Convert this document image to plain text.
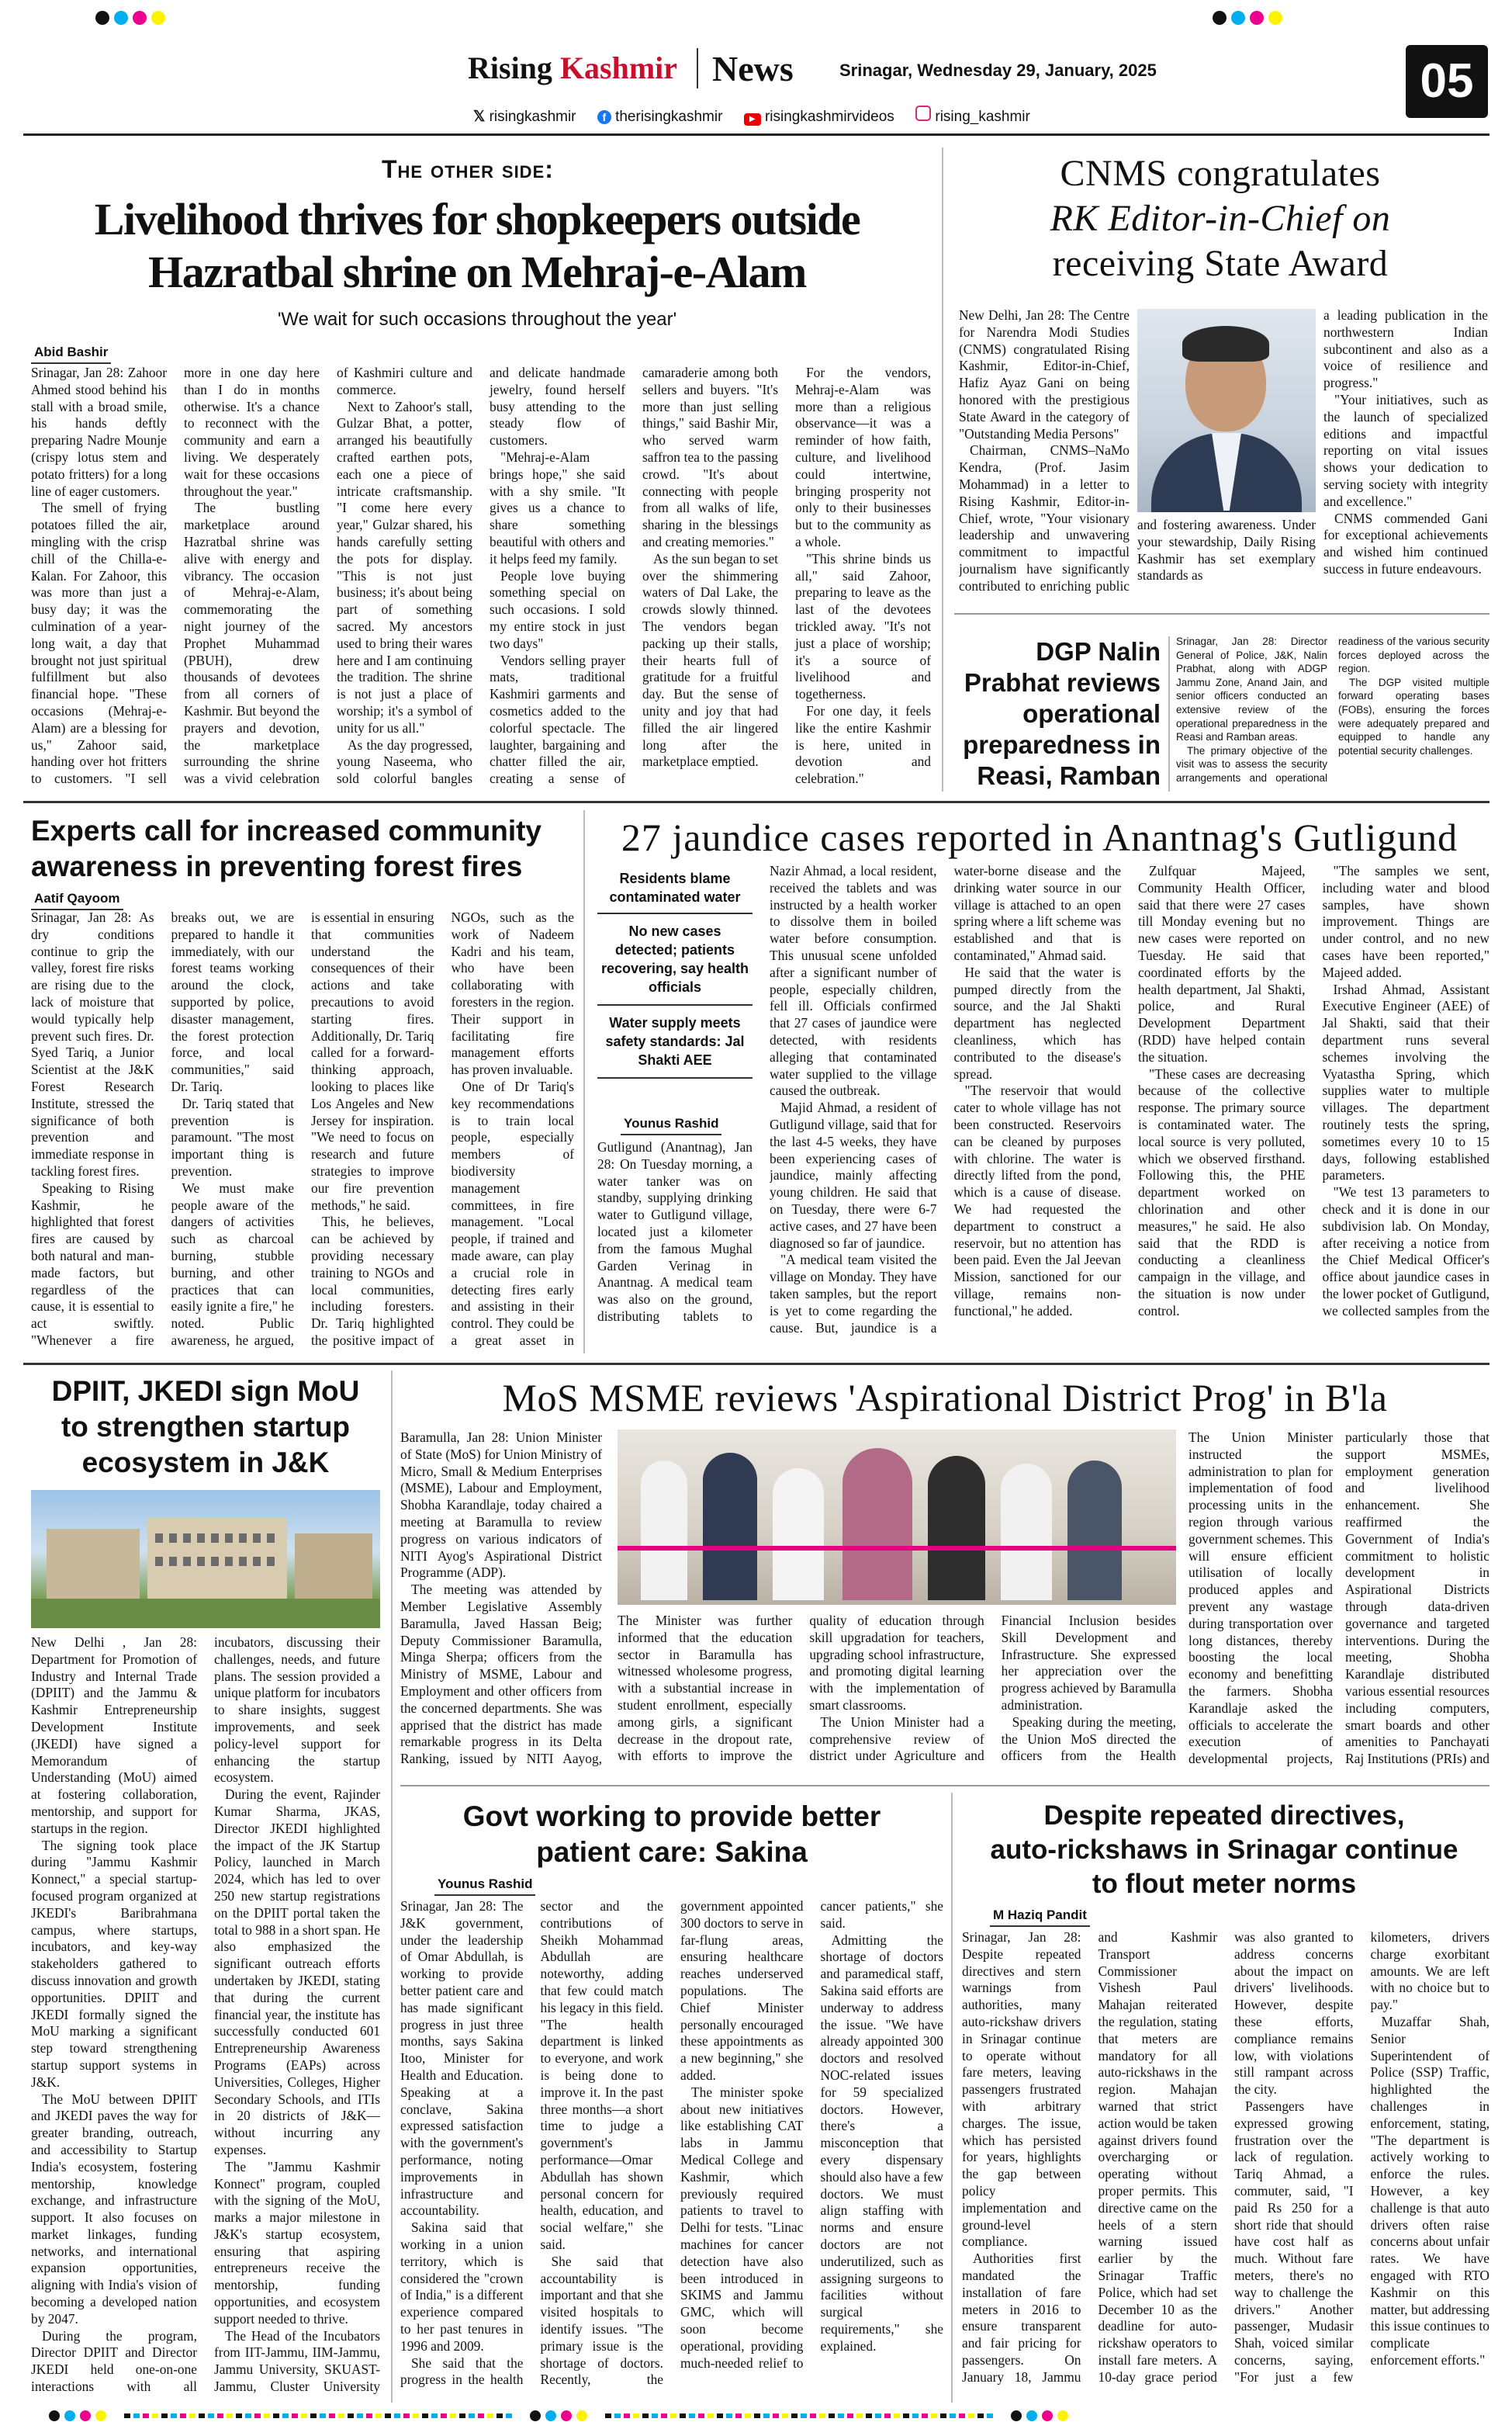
Rising Kashmir News	Srinagar, Wednesday 29, January, 2025	05
𝕏 risingkashmir f therisingkashmir	▶ risingkashmirvideos	rising_kashmir
The other side:
Livelihood thrives for shopkeepers outside
Hazratbal shrine on Mehraj-e-Alam
'We wait for such occasions throughout the year'
Abid Bashir

Srinagar, Jan 28: Zahoor Ahmed stood behind his stall with a broad smile, his hands deftly preparing Nadre Mounje (crispy lotus stem and potato fritters) for a long line of eager customers.

The smell of frying potatoes filled the air, mingling with the crisp chill of the Chilla-e-Kalan. For Zahoor, this was more than just a busy day; it was the culmination of a year-long wait, a day that brought not just spiritual fulfillment but also financial hope. "These occasions (Mehraj-e-Alam) are a blessing for us," Zahoor said, handing over hot fritters to customers. "I sell more in one day here than I do in months otherwise. It's a chance to reconnect with the community and earn a living. We desperately wait for these occasions throughout the year."

The bustling marketplace around Hazratbal shrine was alive with energy and vibrancy. The occasion of Mehraj-e-Alam, commemorating the night journey of the Prophet Muhammad (PBUH), drew thousands of devotees from all corners of Kashmir. But beyond the prayers and devotion, the marketplace surrounding the shrine was a vivid celebration of Kashmiri culture and commerce.

Next to Zahoor's stall, Gulzar Bhat, a potter, arranged his beautifully crafted earthen pots, each one a piece of intricate craftsmanship. "I come here every year," Gulzar shared, his hands carefully setting the pots for display. "This is not just business; it's about being part of something sacred. My ancestors used to bring their wares here and I am continuing the tradition. The shrine is not just a place of worship; it's a symbol of unity for us all."

As the day progressed, young Naseema, who sold colorful bangles and delicate handmade jewelry, found herself busy attending to the steady flow of customers.

"Mehraj-e-Alam brings hope," she said with a shy smile. "It gives us a chance to share something beautiful with others and it helps feed my family.

People love buying something special on such occasions. I sold my entire stock in just two days"

Vendors selling prayer mats, traditional Kashmiri garments and cosmetics added to the colorful spectacle. The laughter, bargaining and chatter filled the air, creating a sense of camaraderie among both sellers and buyers. "It's more than just selling things," said Bashir Mir, who served warm saffron tea to the passing crowd. "It's about connecting with people from all walks of life, sharing in the blessings and creating memories."

As the sun began to set over the shimmering waters of Dal Lake, the crowds slowly thinned. The vendors began packing up their stalls, their hearts full of gratitude for a fruitful day. But the sense of unity and joy that had filled the air lingered long after the marketplace emptied.

For the vendors, Mehraj-e-Alam was more than a religious observance—it was a reminder of how faith, culture, and livelihood could intertwine, bringing prosperity not only to their businesses but to the community as a whole.

"This shrine binds us all," said Zahoor, preparing to leave as the last of the devotees trickled away. "It's not just a place of worship; it's a source of livelihood and togetherness.

For one day, it feels like the entire Kashmir is here, united in devotion and celebration."

CNMS congratulates
RK Editor-in-Chief on
receiving State Award

New Delhi, Jan 28: The Centre for Narendra Modi Studies (CNMS) congratulated Rising Kashmir, Editor-in-Chief, Hafiz Ayaz Gani on being honored with the prestigious State Award in the category of "Outstanding Media Persons"

Chairman, CNMS–NaMo Kendra, (Prof. Jasim Mohammad) in a letter to Rising Kashmir, Editor-in-Chief, wrote, "Your visionary leadership and unwavering commitment to impactful journalism have significantly contributed to enriching public

and fostering awareness. Under your stewardship, Daily Rising Kashmir has set exemplary standards as

a leading publication in the northwestern Indian subcontinent and also as a voice of resilience and progress."

"Your initiatives, such as the launch of specialized editions and impactful reporting on vital issues shows your dedication to serving society with integrity and excellence."

CNMS commended Gani for exceptional achievements and wished him continued success in future endeavours.

DGP Nalin Prabhat reviews operational preparedness in Reasi, Ramban

Srinagar, Jan 28: Director General of Police, J&K, Nalin Prabhat, along with ADGP Jammu Zone, Anand Jain, and senior officers conducted an extensive review of the operational preparedness in the Reasi and Ramban areas.

The primary objective of the visit was to assess the security arrangements and operational readiness of the various security forces deployed across the region.

The DGP visited multiple forward operating bases (FOBs), ensuring the forces were adequately prepared and equipped to handle any potential security challenges.

Experts call for increased community
awareness in preventing forest fires
Aatif Qayoom

Srinagar, Jan 28: As dry conditions continue to grip the valley, forest fire risks are rising due to the lack of moisture that would typically help prevent such fires. Dr. Syed Tariq, a Junior Scientist at the J&K Forest Research Institute, stressed the significance of both prevention and immediate response in tackling forest fires.

Speaking to Rising Kashmir, he highlighted that forest fires are caused by both natural and man-made factors, but regardless of the cause, it is essential to act swiftly. "Whenever a fire breaks out, we are prepared to handle it immediately, with our forest teams working around the clock, supported by police, disaster management, the forest protection force, and local communities," said Dr. Tariq.

Dr. Tariq stated that prevention is paramount. "The most important thing is prevention.

We must make people aware of the dangers of activities such as charcoal burning, stubble burning, and other practices that can easily ignite a fire," he noted. Public awareness, he argued, is essential in ensuring that communities understand the consequences of their actions and take precautions to avoid starting fires. Additionally, Dr. Tariq called for a forward-thinking approach, looking to places like Los Angeles and New Jersey for inspiration. "We need to focus on research and future strategies to improve our fire prevention methods," he said.

This, he believes, can be achieved by providing necessary training to NGOs and local communities, including foresters. Dr. Tariq highlighted the positive impact of NGOs, such as the work of Nadeem Kadri and his team, who have been collaborating with foresters in the region. Their support in facilitating fire management efforts has proven invaluable.

One of Dr Tariq's key recommendations is to train local people, especially members of biodiversity management committees, in fire management. "Local people, if trained and made aware, can play a crucial role in detecting fires early and assisting in their control. They could be a great asset in

27 jaundice cases reported in Anantnag's Gutligund
Residents blame contaminated water
No new cases detected; patients recovering, say health officials
Water supply meets safety standards: Jal Shakti AEE
Younus Rashid

Gutligund (Anantnag), Jan 28: On Tuesday morning, a water tanker was on standby, supplying drinking water to Gutligund village, located just a kilometer from the famous Mughal Garden Verinag in Anantnag. A medical team was also on the ground, distributing tablets to

Nazir Ahmad, a local resident, received the tablets and was instructed by a health worker to dissolve them in boiled water before consumption. This unusual scene unfolded after a significant number of people, especially children, fell ill. Officials confirmed that 27 cases of jaundice were detected, with residents alleging that contaminated water supplied to the village caused the outbreak.

Majid Ahmad, a resident of Gutligund village, said that for the last 4-5 weeks, they have been experiencing cases of jaundice, mainly affecting young children. He said that on Tuesday, there were 6-7 active cases, and 27 have been diagnosed so far of jaundice.

"A medical team visited the village on Monday. They have taken samples, but the report is yet to come regarding the cause. But, jaundice is a water-borne disease and the drinking water source in our village is attached to an open spring where a lift scheme was established and that is contaminated," Ahmad said.

He said that the water is pumped directly from the source, and the Jal Shakti department has neglected cleanliness, which has contributed to the disease's spread.

"The reservoir that would cater to whole village has not been constructed. Reservoirs can be cleaned by purposes with chlorine. The water is directly lifted from the pond, which is a cause of disease. We had requested the department to construct a reservoir, but no attention has been paid. Even the Jal Jeevan Mission, sanctioned for our village, remains non-functional," he added.

Zulfquar Majeed, Community Health Officer, said that there were 27 cases till Monday evening but no new cases were reported on Tuesday. He said that coordinated efforts by the health department, Jal Shakti, police, and Rural Development Department (RDD) have helped contain the situation.

"These cases are decreasing because of the collective response. The primary source is contaminated water. The local source is very polluted, which we observed firsthand. Following this, the PHE department worked on chlorination and other measures," he said. He also said that the RDD is conducting a cleanliness campaign in the village, and the situation is now under control.

"The samples we sent, including water and blood samples, have shown improvement. Things are under control, and no new cases have been reported," Majeed added.

Irshad Ahmad, Assistant Executive Engineer (AEE) of Jal Shakti, said that their department runs several schemes involving the Vyatastha Spring, which supplies water to multiple villages. The department routinely tests the spring, sometimes every 10 to 15 days, following established parameters.

"We test 13 parameters to check and it is done in our subdivision lab. On Monday, after receiving a notice from the Chief Medical Officer's office about jaundice cases in the lower pocket of Gutligund, we collected samples from the

DPIIT, JKEDI sign MoU
to strengthen startup
ecosystem in J&K

New Delhi , Jan 28: Department for Promotion of Industry and Internal Trade (DPIIT) and the Jammu & Kashmir Entrepreneurship Development Institute (JKEDI) have signed a Memorandum of Understanding (MoU) aimed at fostering collaboration, mentorship, and support for startups in the region.

The signing took place during "Jammu Kashmir Konnect," a special startup-focused program organized at JKEDI's Baribrahmana campus, where startups, incubators, and key-way stakeholders gathered to discuss innovation and growth opportunities. DPIIT and JKEDI formally signed the MoU marking a significant step toward strengthening startup support systems in J&K.

The MoU between DPIIT and JKEDI paves the way for greater branding, outreach, and accessibility to Startup India's ecosystem, fostering mentorship, knowledge exchange, and infrastructure support. It also focuses on market linkages, funding networks, and international expansion opportunities, aligning with India's vision of becoming a developed nation by 2047.

During the program, Director DPIIT and Director JKEDI held one-on-one interactions with all incubators, discussing their challenges, needs, and future plans. The session provided a unique platform for incubators to share insights, suggest improvements, and seek policy-level support for enhancing the startup ecosystem.

During the event, Rajinder Kumar Sharma, JKAS, Director JKEDI highlighted the impact of the JK Startup Policy, launched in March 2024, which has led to over 250 new startup registrations on the DPIIT portal taken the total to 988 in a short span. He also emphasized the significant outreach efforts undertaken by JKEDI, stating that during the current financial year, the institute has successfully conducted 601 Entrepreneurship Awareness Programs (EAPs) across Universities, Colleges, Higher Secondary Schools, and ITIs in 20 districts of J&K—without incurring any expenses.

The "Jammu Kashmir Konnect" program, coupled with the signing of the MoU, marks a major milestone in J&K's startup ecosystem, ensuring that aspiring entrepreneurs receive the mentorship, funding opportunities, and ecosystem support needed to thrive.

The Head of the Incubators from IIT-Jammu, IIM-Jammu, Jammu University, SKUAST-Jammu, Cluster University

MoS MSME reviews 'Aspirational District Prog' in B'la

Baramulla, Jan 28: Union Minister of State (MoS) for Union Ministry of Micro, Small & Medium Enterprises (MSME), Labour and Employment, Shobha Karandlaje, today chaired a meeting at Baramulla to review progress on various indicators of NITI Ayog's Aspirational District Programme (ADP).

The meeting was attended by Member Legislative Assembly Baramulla, Javed Hassan Beig; Deputy Commissioner Baramulla, Minga Sherpa; officers from the Ministry of MSME, Labour and Employment and other officers from the concerned departments. She was apprised that the district has made remarkable progress in its Delta Ranking, issued by NITI Aayog,

The Minister was further informed that the education sector in Baramulla has witnessed wholesome progress, with a substantial increase in student enrollment, especially among girls, a significant decrease in the dropout rate, with efforts to improve the quality of education through skill upgradation for teachers, upgrading school infrastructure, and promoting digital learning with the implementation of smart classrooms.

The Union Minister had a comprehensive review of district under Agriculture and Financial Inclusion besides Skill Development and Infrastructure. She expressed her appreciation over the progress achieved by Baramulla administration.

Speaking during the meeting, the Union MoS directed the officers from the Health

The Union Minister instructed the administration to plan for implementation of food processing units in the region through various government schemes. This will ensure efficient utilisation of locally produced apples and prevent any wastage during transportation over long distances, thereby boosting the local economy and benefitting the farmers. Shobha Karandlaje asked the officials to accelerate the execution of developmental projects, particularly those that support MSMEs, employment generation and livelihood enhancement. She reaffirmed the Government of India's commitment to holistic development in Aspirational Districts through data-driven governance and targeted interventions. During the meeting, Shobha Karandlaje distributed various essential resources including computers, smart boards and other amenities to Panchayati Raj Institutions (PRIs) and

Govt working to provide better
patient care: Sakina
Younus Rashid

Srinagar, Jan 28: The J&K government, under the leadership of Omar Abdullah, is working to provide better patient care and has made significant progress in just three months, says Sakina Itoo, Minister for Health and Education. Speaking at a conclave, Sakina expressed satisfaction with the government's performance, noting improvements in infrastructure and accountability.

Sakina said that working in a union territory, which is considered the "crown of India," is a different experience compared to her past tenures in 1996 and 2009.

She said that the progress in the health sector and the contributions of Sheikh Mohammad Abdullah are noteworthy, adding that few could match his legacy in this field. "The health department is linked to everyone, and work is being done to improve it. In the past three months—a short time to judge a government's performance—Omar Abdullah has shown personal concern for health, education, and social welfare," she said.

She said that accountability is important and that she visited hospitals to identify issues. "The primary issue is the shortage of doctors. Recently, the government appointed 300 doctors to serve in far-flung areas, ensuring healthcare reaches underserved populations. The Chief Minister personally encouraged these appointments as a new beginning," she added.

The minister spoke about new initiatives like establishing CAT labs in Jammu Medical College and Kashmir, which previously required patients to travel to Delhi for tests. "Linac machines for cancer detection have also been introduced in SKIMS and Jammu GMC, which will soon become operational, providing much-needed relief to cancer patients," she said.

Admitting the shortage of doctors and paramedical staff, Sakina said efforts are underway to address the issue. "We have already appointed 300 doctors and resolved NOC-related issues for 59 specialized doctors. However, there's a misconception that every dispensary should also have a few doctors. We must align staffing with norms and ensure doctors are not underutilized, such as assigning surgeons to facilities without surgical requirements," she explained.

Despite repeated directives,
auto-rickshaws in Srinagar continue
to flout meter norms
M Haziq Pandit

Srinagar, Jan 28: Despite repeated directives and stern warnings from authorities, many auto-rickshaw drivers in Srinagar continue to operate without fare meters, leaving passengers frustrated with arbitrary charges. The issue, which has persisted for years, highlights the gap between policy implementation and ground-level compliance.

Authorities first mandated the installation of fare meters in 2016 to ensure transparent and fair pricing for passengers. On January 18, Jammu and Kashmir Transport Commissioner Vishesh Paul Mahajan reiterated the regulation, stating that meters are mandatory for all auto-rickshaws in the region. Mahajan warned that strict action would be taken against drivers found overcharging or operating without proper permits. This directive came on the heels of a stern warning issued earlier by the Srinagar Traffic Police, which had set December 10 as the deadline for auto-rickshaw operators to install fare meters. A 10-day grace period was also granted to address concerns about the impact on drivers' livelihoods. However, despite these efforts, compliance remains low, with violations still rampant across the city.

Passengers have expressed growing frustration over the lack of regulation. Tariq Ahmad, a commuter, said, "I paid Rs 250 for a short ride that should have cost half as much. Without fare meters, there's no way to challenge the drivers." Another passenger, Mudasir Shah, voiced similar concerns, saying, "For just a few kilometers, drivers charge exorbitant amounts. We are left with no choice but to pay."

Muzaffar Shah, Senior Superintendent of Police (SSP) Traffic, highlighted the challenges in enforcement, stating, "The department is actively working to enforce the rules. However, a key challenge is that auto drivers often raise concerns about unfair rates. We have engaged with RTO Kashmir on this matter, but addressing this issue continues to complicate enforcement efforts."
